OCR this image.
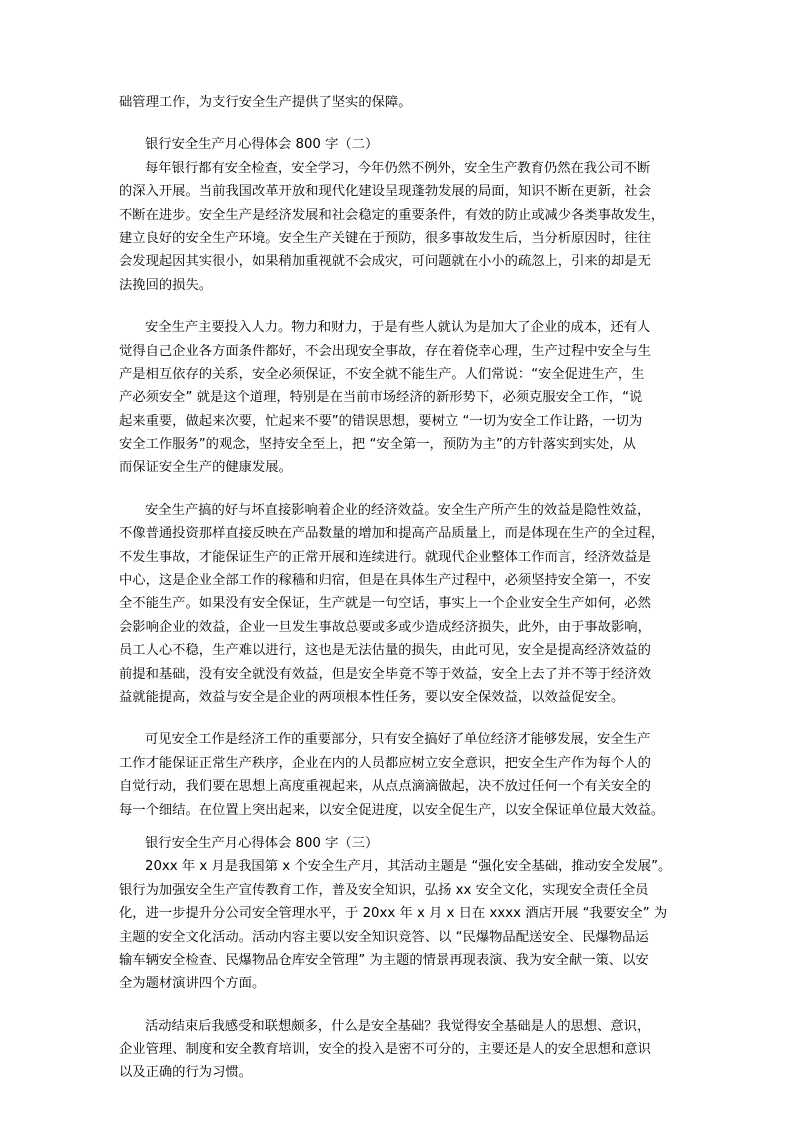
础管理工作，为支行安全生产提供了坚实的保障。
银行安全生产月心得体会 800 字（二）
每年银行都有安全检查，安全学习，今年仍然不例外，安全生产教育仍然在我公司不断
的深入开展。当前我国改革开放和现代化建设呈现蓬勃发展的局面，知识不断在更新，社会
不断在进步。安全生产是经济发展和社会稳定的重要条件，有效的防止或减少各类事故发生，
建立良好的安全生产环境。安全生产关键在于预防，很多事故发生后，当分析原因时，往往
会发现起因其实很小，如果稍加重视就不会成灾，可问题就在小小的疏忽上，引来的却是无
法挽回的损失。
安全生产主要投入人力。物力和财力，于是有些人就认为是加大了企业的成本，还有人
觉得自己企业各方面条件都好，不会出现安全事故，存在着侥幸心理，生产过程中安全与生
产是相互依存的关系，安全必须保证，不安全就不能生产。人们常说：“安全促进生产，生
产必须安全” 就是这个道理，特别是在当前市场经济的新形势下，必须克服安全工作，“说
起来重要，做起来次要，忙起来不要”的错误思想，要树立 “一切为安全工作让路，一切为
安全工作服务”的观念，坚持安全至上，把 “安全第一，预防为主”的方针落实到实处，从
而保证安全生产的健康发展。
安全生产搞的好与坏直接影响着企业的经济效益。安全生产所产生的效益是隐性效益，
不像普通投资那样直接反映在产品数量的增加和提高产品质量上，而是体现在生产的全过程，
不发生事故，才能保证生产的正常开展和连续进行。就现代企业整体工作而言，经济效益是
中心，这是企业全部工作的稼穑和归宿，但是在具体生产过程中，必须坚持安全第一，不安
全不能生产。如果没有安全保证，生产就是一句空话，事实上一个企业安全生产如何，必然
会影响企业的效益，企业一旦发生事故总要或多或少造成经济损失，此外，由于事故影响，
员工人心不稳，生产难以进行，这也是无法估量的损失，由此可见，安全是提高经济效益的
前提和基础，没有安全就没有效益，但是安全毕竟不等于效益，安全上去了并不等于经济效
益就能提高，效益与安全是企业的两项根本性任务，要以安全保效益，以效益促安全。
可见安全工作是经济工作的重要部分，只有安全搞好了单位经济才能够发展，安全生产
工作才能保证正常生产秩序，企业在内的人员都应树立安全意识，把安全生产作为每个人的
自觉行动，我们要在思想上高度重视起来，从点点滴滴做起，决不放过任何一个有关安全的
每一个细结。在位置上突出起来，以安全促进度，以安全促生产，以安全保证单位最大效益。
银行安全生产月心得体会 800 字（三）
20xx 年 x 月是我国第 x 个安全生产月，其活动主题是 “强化安全基础，推动安全发展”。
银行为加强安全生产宣传教育工作，普及安全知识，弘扬 xx 安全文化，实现安全责任全员
化，进一步提升分公司安全管理水平，于 20xx 年 x 月 x 日在 xxxx 酒店开展 “我要安全” 为
主题的安全文化活动。活动内容主要以安全知识竞答、以 “民爆物品配送安全、民爆物品运
输车辆安全检查、民爆物品仓库安全管理” 为主题的情景再现表演、我为安全献一策、以安
全为题材演讲四个方面。
活动结束后我感受和联想颇多，什么是安全基础？我觉得安全基础是人的思想、意识，
企业管理、制度和安全教育培训，安全的投入是密不可分的，主要还是人的安全思想和意识
以及正确的行为习惯。
